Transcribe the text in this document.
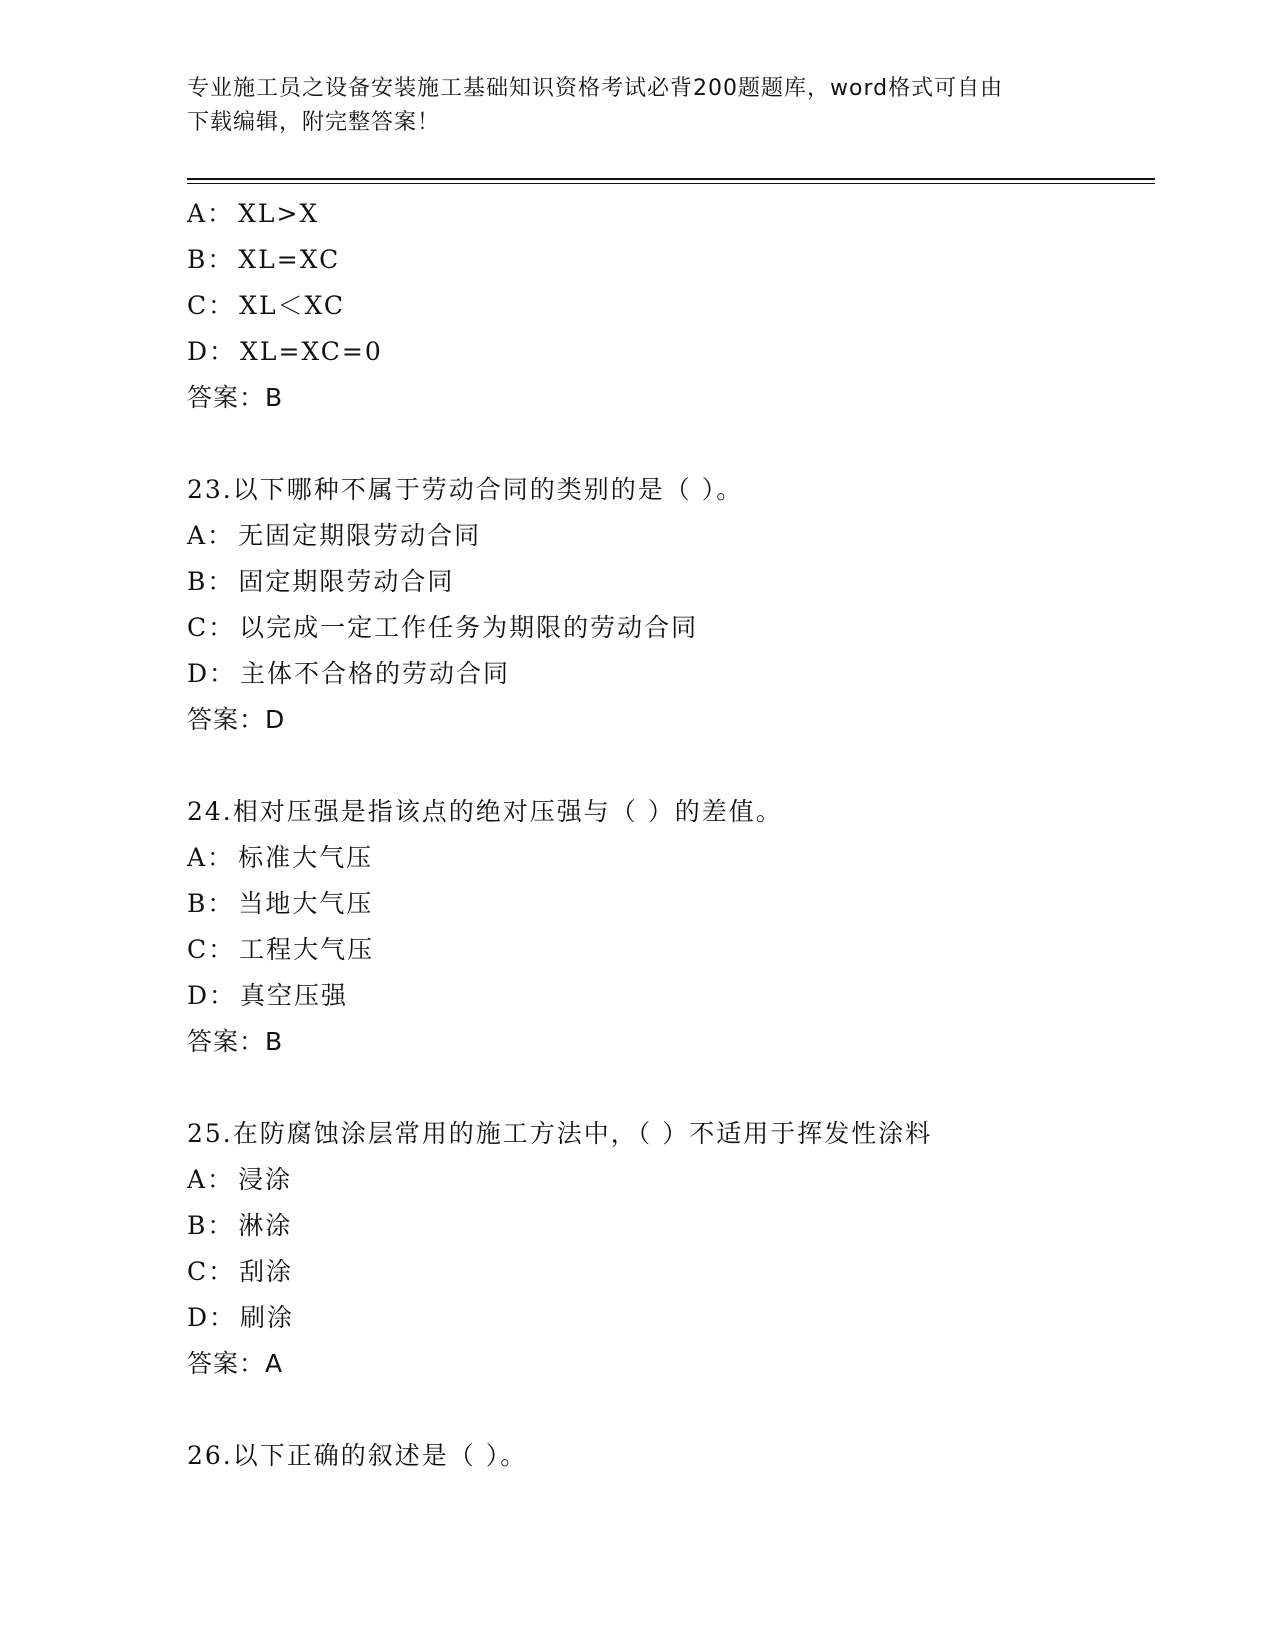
专业施工员之设备安装施工基础知识资格考试必背200题题库，word格式可自由
下载编辑，附完整答案！
A： XL>X
B： XL=XC
C： XL＜XC
D： XL=XC=0
答案：B
23.以下哪种不属于劳动合同的类别的是（ ）。
A： 无固定期限劳动合同
B： 固定期限劳动合同
C： 以完成一定工作任务为期限的劳动合同
D： 主体不合格的劳动合同
答案：D
24.相对压强是指该点的绝对压强与（ ）的差值。
A： 标准大气压
B： 当地大气压
C： 工程大气压
D： 真空压强
答案：B
25.在防腐蚀涂层常用的施工方法中，（ ）不适用于挥发性涂料
A： 浸涂
B： 淋涂
C： 刮涂
D： 刷涂
答案：A
26.以下正确的叙述是（ ）。
